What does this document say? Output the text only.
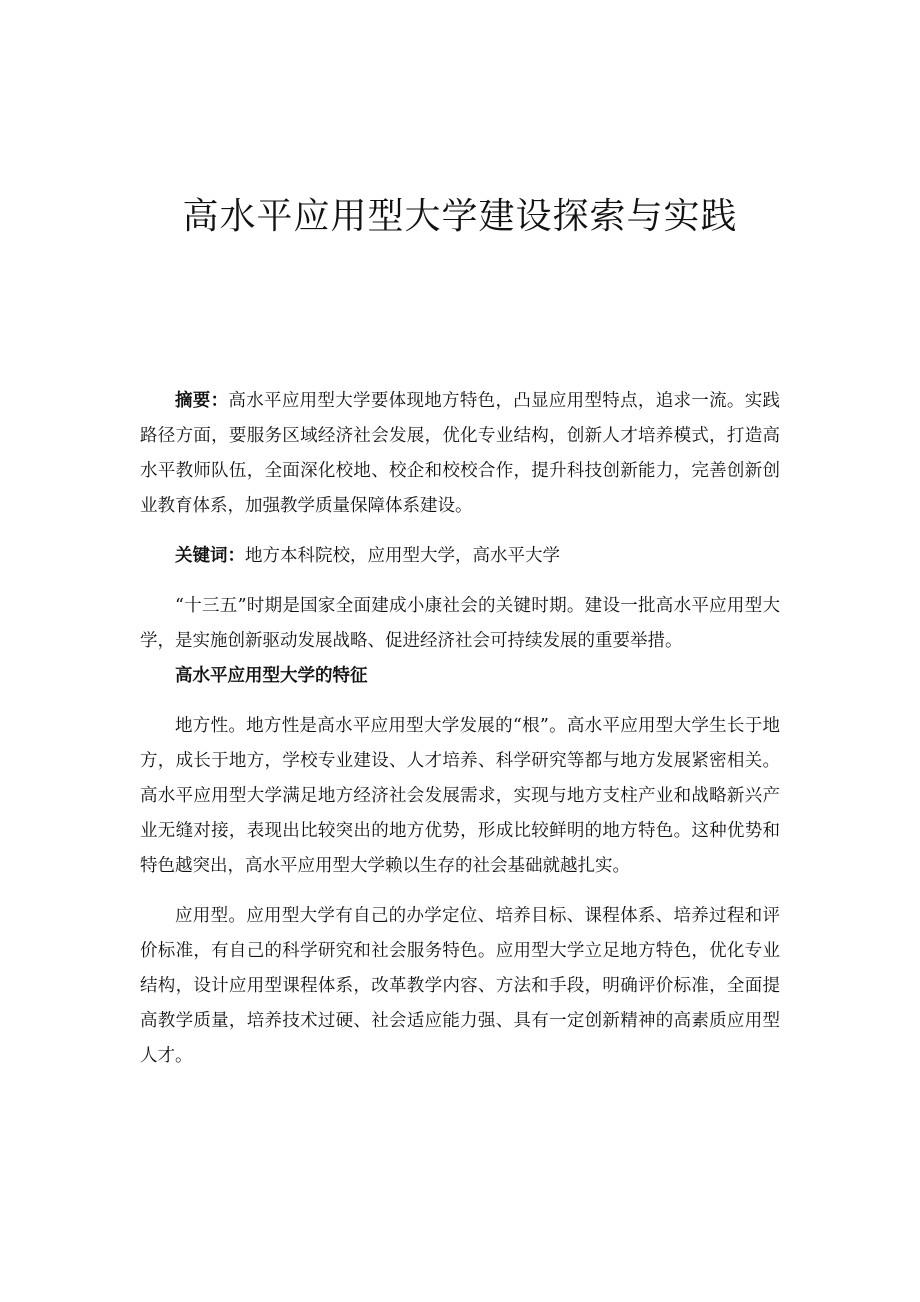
高水平应用型大学建设探索与实践

摘要：高水平应用型大学要体现地方特色，凸显应用型特点，追求一流。实践路径方面，要服务区域经济社会发展，优化专业结构，创新人才培养模式，打造高水平教师队伍，全面深化校地、校企和校校合作，提升科技创新能力，完善创新创业教育体系，加强教学质量保障体系建设。

关键词：地方本科院校，应用型大学，高水平大学

“十三五”时期是国家全面建成小康社会的关键时期。建设一批高水平应用型大学，是实施创新驱动发展战略、促进经济社会可持续发展的重要举措。

高水平应用型大学的特征

地方性。地方性是高水平应用型大学发展的“根”。高水平应用型大学生长于地方，成长于地方，学校专业建设、人才培养、科学研究等都与地方发展紧密相关。高水平应用型大学满足地方经济社会发展需求，实现与地方支柱产业和战略新兴产业无缝对接，表现出比较突出的地方优势，形成比较鲜明的地方特色。这种优势和特色越突出，高水平应用型大学赖以生存的社会基础就越扎实。

应用型。应用型大学有自己的办学定位、培养目标、课程体系、培养过程和评价标准，有自己的科学研究和社会服务特色。应用型大学立足地方特色，优化专业结构，设计应用型课程体系，改革教学内容、方法和手段，明确评价标准，全面提高教学质量，培养技术过硬、社会适应能力强、具有一定创新精神的高素质应用型人才。
